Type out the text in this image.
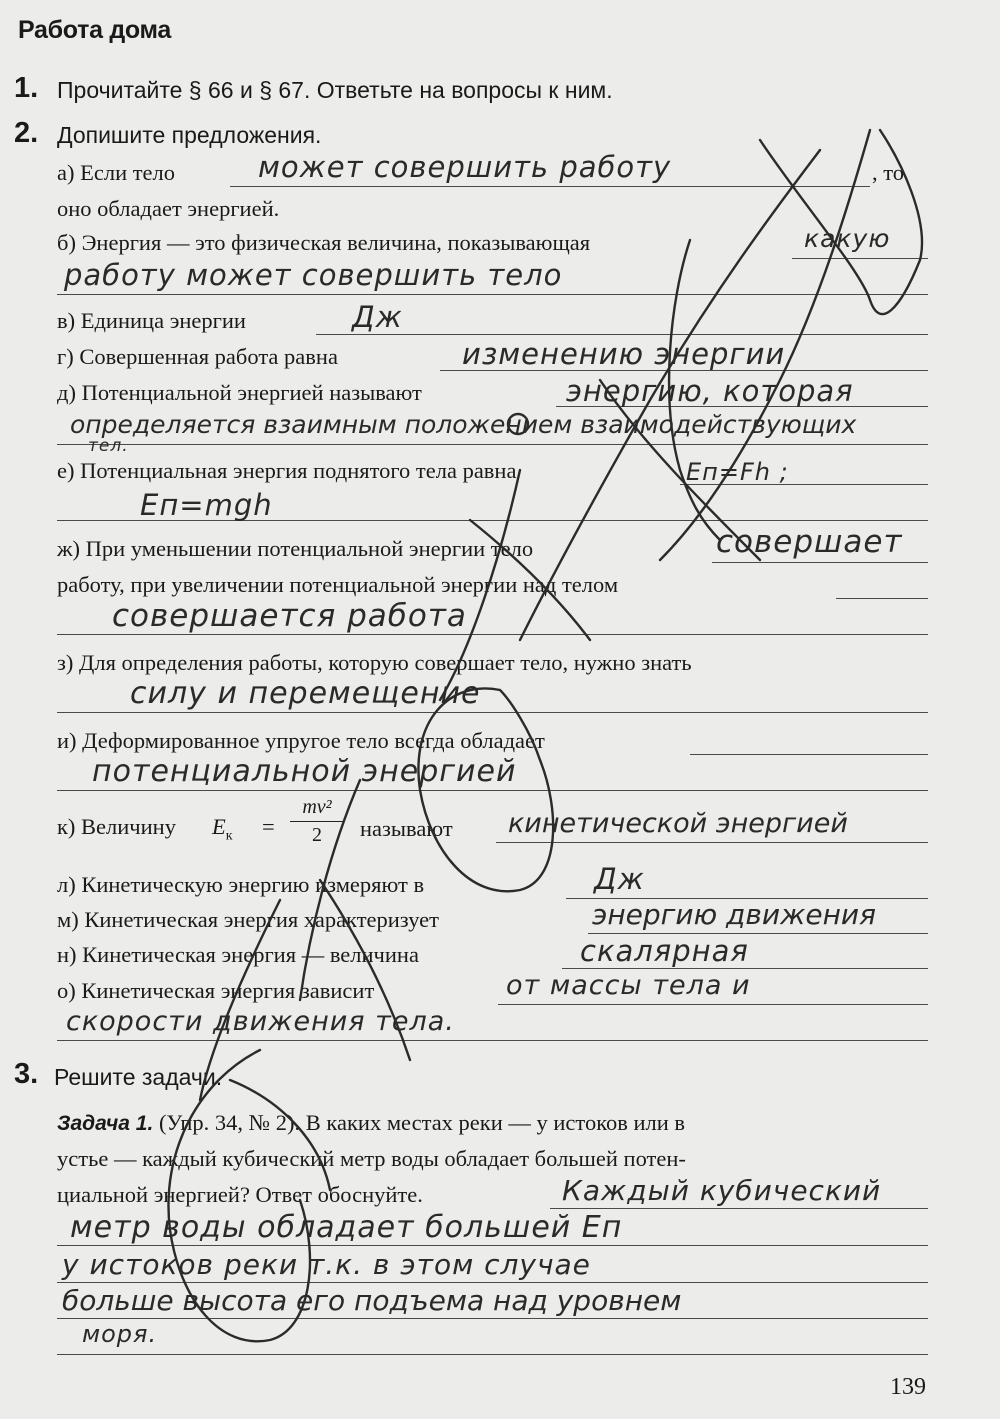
Работа дома
1. Прочитайте § 66 и § 67. Ответьте на вопросы к ним.
2. Допишите предложения.
а) Если тело	может совершить работу	, то
оно обладает энергией.
б) Энергия — это физическая величина, показывающая	какую
работу может совершить тело
в) Единица энергии	Дж
г) Совершенная работа равна	изменению энергии
д) Потенциальной энергией называют	энергию, которая
определяется взаимным положением взаимодействующих
тел.
е) Потенциальная энергия поднятого тела равна	Eп=Fh ;
Eп=mgh
ж) При уменьшении потенциальной энергии тело	совершает
работу, при увеличении потенциальной энергии над телом
совершается работа
з) Для определения работы, которую совершает тело, нужно знать
силу и перемещение
и) Деформированное упругое тело всегда обладает
потенциальной энергией
к) Величину $E_к$ =
mv²
2	называют кинетической энергией
л) Кинетическую энергию измеряют в	Дж
м) Кинетическая энергия характеризует	энергию движения
н) Кинетическая энергия — величина	скалярная
о) Кинетическая энергия зависит	от массы тела и
скорости движения тела.
3. Решите задачи.
Задача 1. (Упр. 34, № 2). В каких местах реки — у истоков или в
устье — каждый кубический метр воды обладает большей потен-
циальной энергией? Ответ обоснуйте.	Каждый кубический
метр воды обладает большей Eп
у истоков реки т.к. в этом случае
больше высота его подъема над уровнем
моря.
139
